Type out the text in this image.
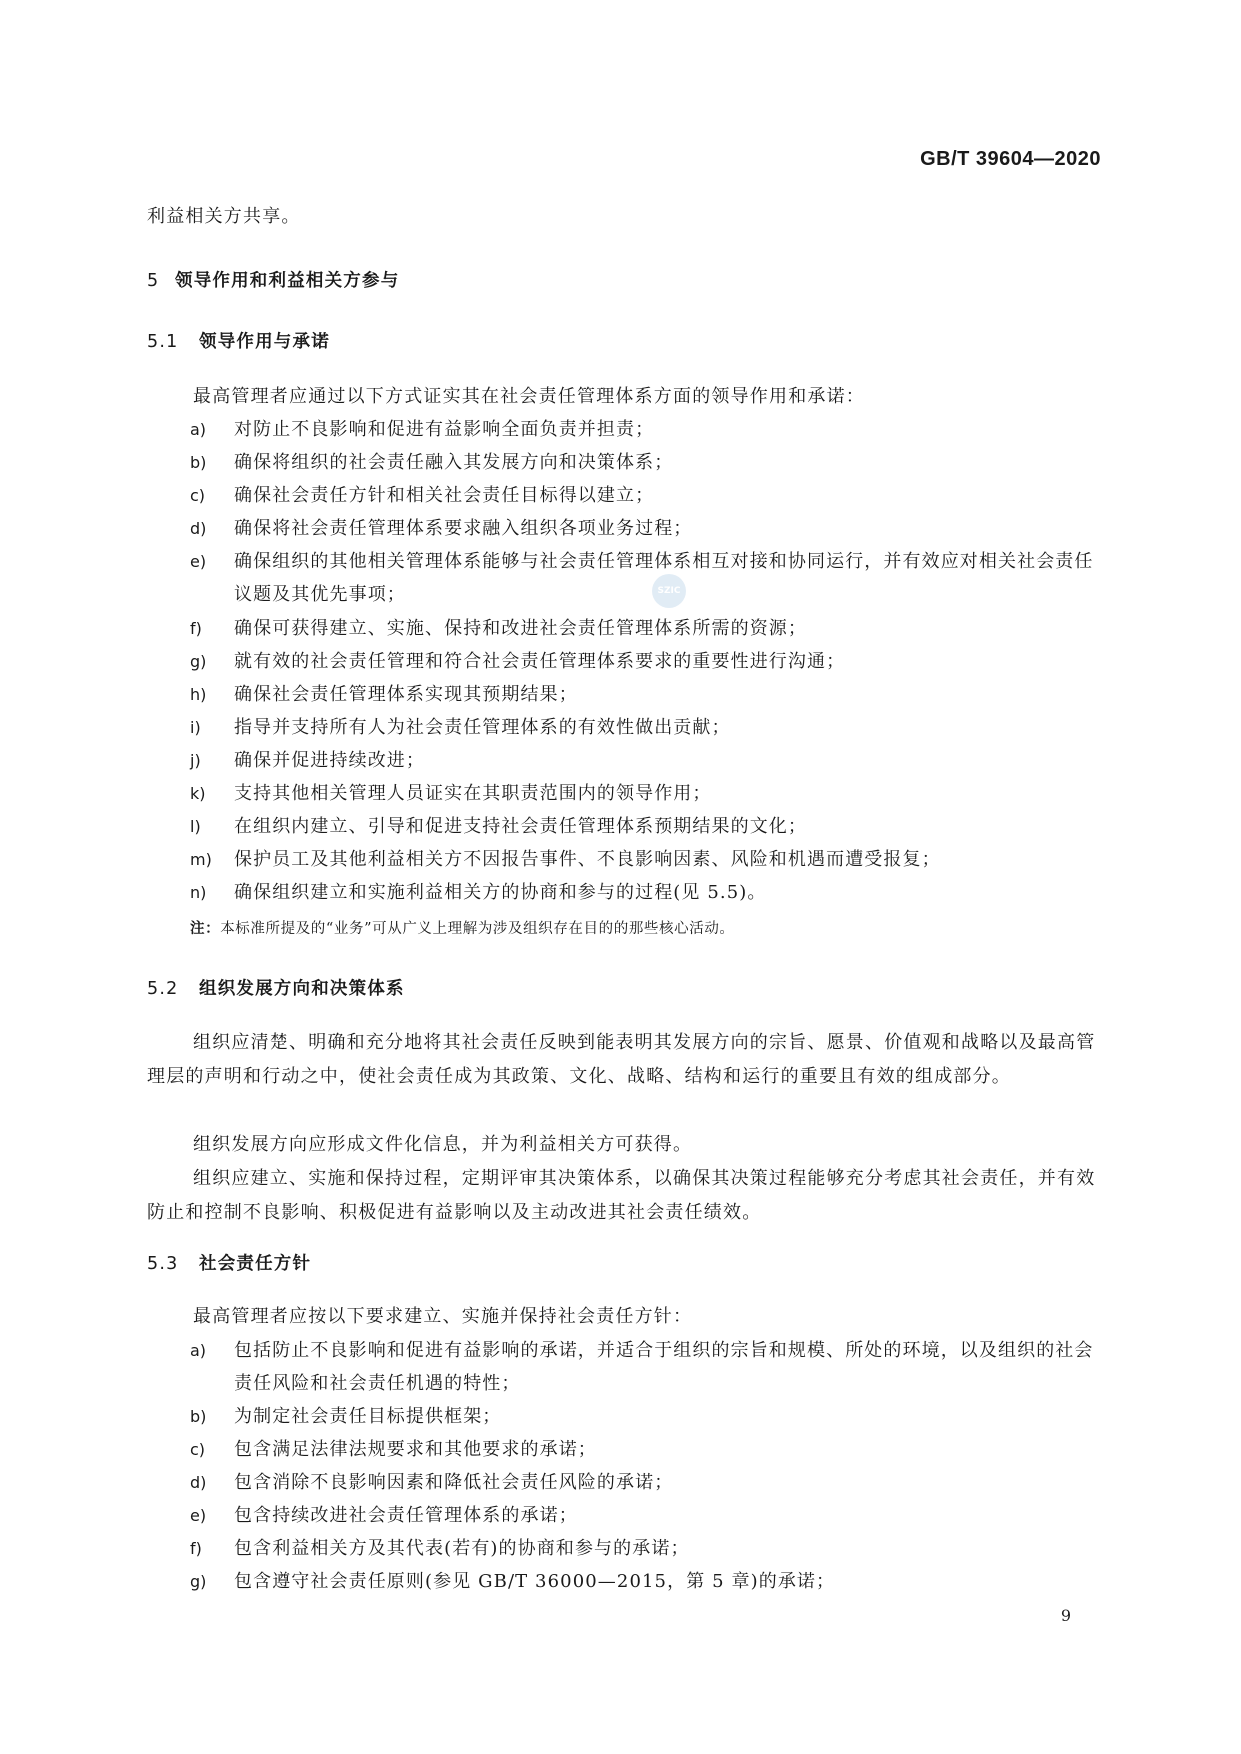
GB/T 39604—2020
利益相关方共享。
5 领导作用和利益相关方参与
5.1 领导作用与承诺
最高管理者应通过以下方式证实其在社会责任管理体系方面的领导作用和承诺：
a)	对防止不良影响和促进有益影响全面负责并担责；
b)	确保将组织的社会责任融入其发展方向和决策体系；
c)	确保社会责任方针和相关社会责任目标得以建立；
d)	确保将社会责任管理体系要求融入组织各项业务过程；
e)	确保组织的其他相关管理体系能够与社会责任管理体系相互对接和协同运行，并有效应对相关社会责任议题及其优先事项；
f)	确保可获得建立、实施、保持和改进社会责任管理体系所需的资源；
g)	就有效的社会责任管理和符合社会责任管理体系要求的重要性进行沟通；
h)	确保社会责任管理体系实现其预期结果；
i)	指导并支持所有人为社会责任管理体系的有效性做出贡献；
j)	确保并促进持续改进；
k)	支持其他相关管理人员证实在其职责范围内的领导作用；
l)	在组织内建立、引导和促进支持社会责任管理体系预期结果的文化；
m)	保护员工及其他利益相关方不因报告事件、不良影响因素、风险和机遇而遭受报复；
n)	确保组织建立和实施利益相关方的协商和参与的过程(见 5.5)。
注：本标准所提及的“业务”可从广义上理解为涉及组织存在目的的那些核心活动。
5.2 组织发展方向和决策体系
组织应清楚、明确和充分地将其社会责任反映到能表明其发展方向的宗旨、愿景、价值观和战略以及最高管理层的声明和行动之中，使社会责任成为其政策、文化、战略、结构和运行的重要且有效的组成部分。
组织发展方向应形成文件化信息，并为利益相关方可获得。
组织应建立、实施和保持过程，定期评审其决策体系，以确保其决策过程能够充分考虑其社会责任，并有效防止和控制不良影响、积极促进有益影响以及主动改进其社会责任绩效。
5.3 社会责任方针
最高管理者应按以下要求建立、实施并保持社会责任方针：
a)	包括防止不良影响和促进有益影响的承诺，并适合于组织的宗旨和规模、所处的环境，以及组织的社会责任风险和社会责任机遇的特性；
b)	为制定社会责任目标提供框架；
c)	包含满足法律法规要求和其他要求的承诺；
d)	包含消除不良影响因素和降低社会责任风险的承诺；
e)	包含持续改进社会责任管理体系的承诺；
f)	包含利益相关方及其代表(若有)的协商和参与的承诺；
g)	包含遵守社会责任原则(参见 GB/T 36000—2015，第 5 章)的承诺；
SZIC
9
